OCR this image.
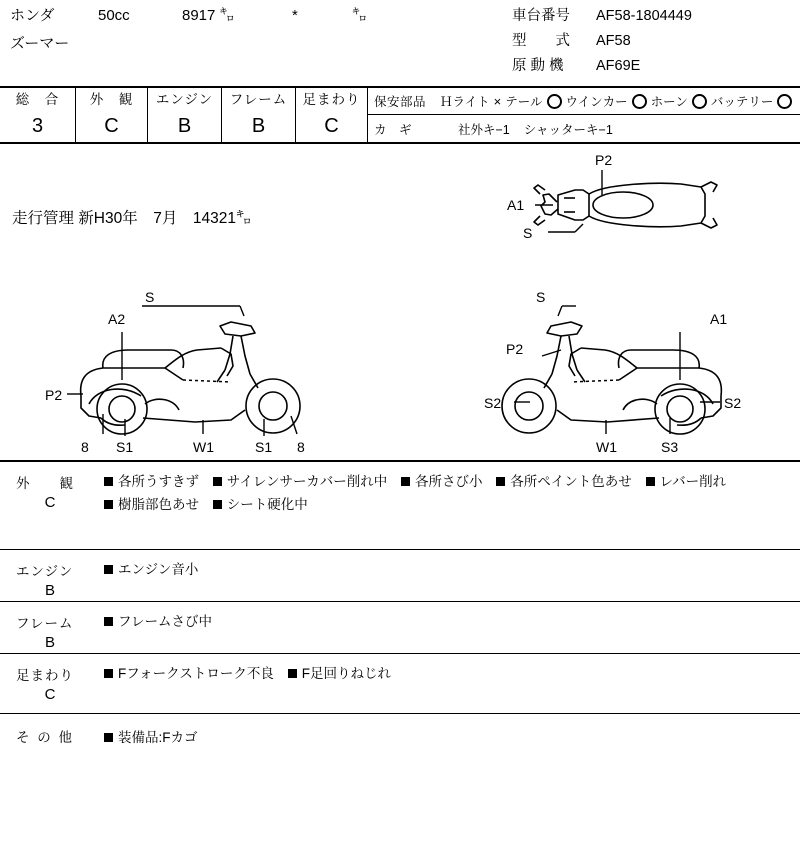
ホンダ	50cc	8917 ㌔	*	㌔
ズーマー
車台番号	AF58-1804449
型　　式	AF58
原 動 機	AF69E
総　合
3
外　観
C
エンジン
B
フレーム
B
足まわり
C
保安部品	Ｈライト × テール ウインカー ホーン バッテリー
カ　ギ	社外キ−1	シャッターキ−1
走行管理 新H30年　7月　14321㌔
P2
A1
S
S
A2
P2
8 S1	W1	S1 8
S
A1
P2
S2	S2
W1	S3
外　　観
C
各所うすきず サイレンサーカバー削れ中 各所さび小 各所ペイント色あせ レバー削れ 樹脂部色あせ シート硬化中
エンジン
B
エンジン音小
フレーム
B
フレームさび中
足まわり
C
Fフォークストローク不良 F足回りねじれ
そ の 他	装備品:Fカゴ
